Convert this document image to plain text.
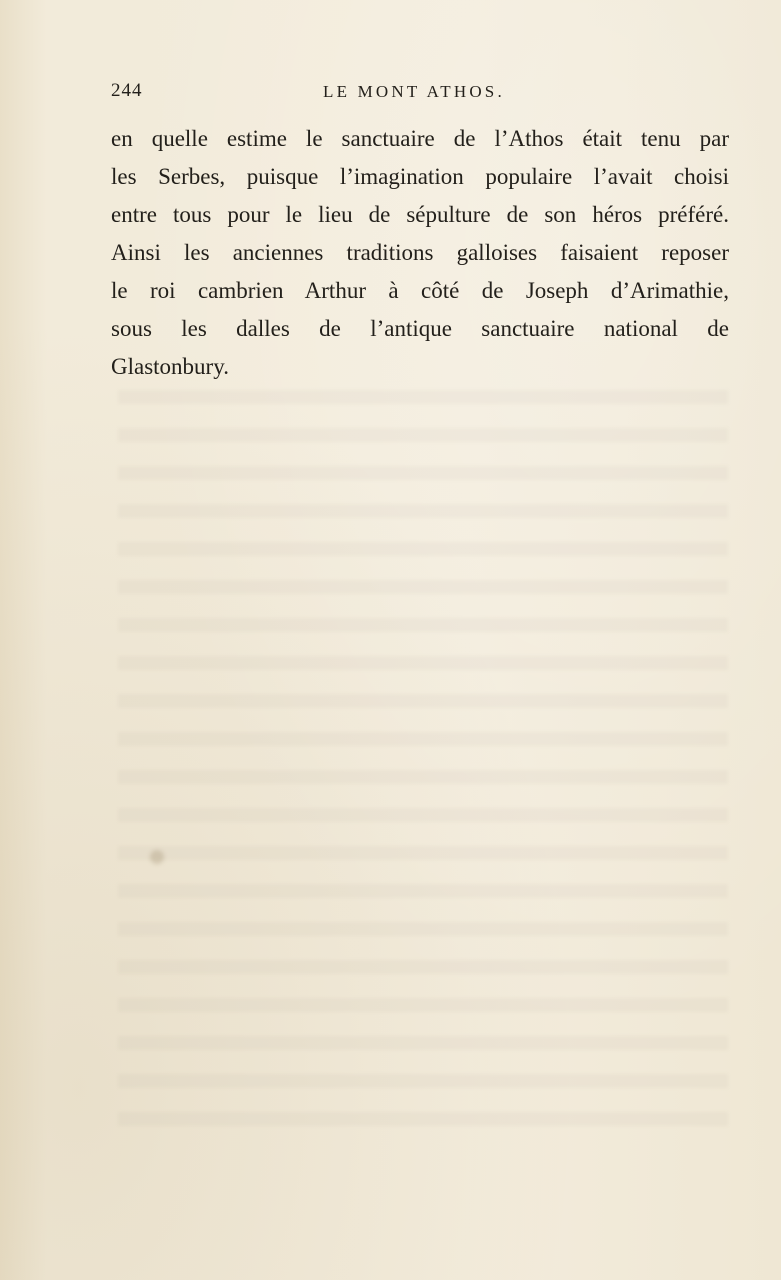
244	LE MONT ATHOS.
en quelle estime le sanctuaire de l’Athos était tenu par
les Serbes, puisque l’imagination populaire l’avait choisi
entre tous pour le lieu de sépulture de son héros préféré.
Ainsi les anciennes traditions galloises faisaient reposer
le roi cambrien Arthur à côté de Joseph d’Arimathie,
sous les dalles de l’antique sanctuaire national de
Glastonbury.
